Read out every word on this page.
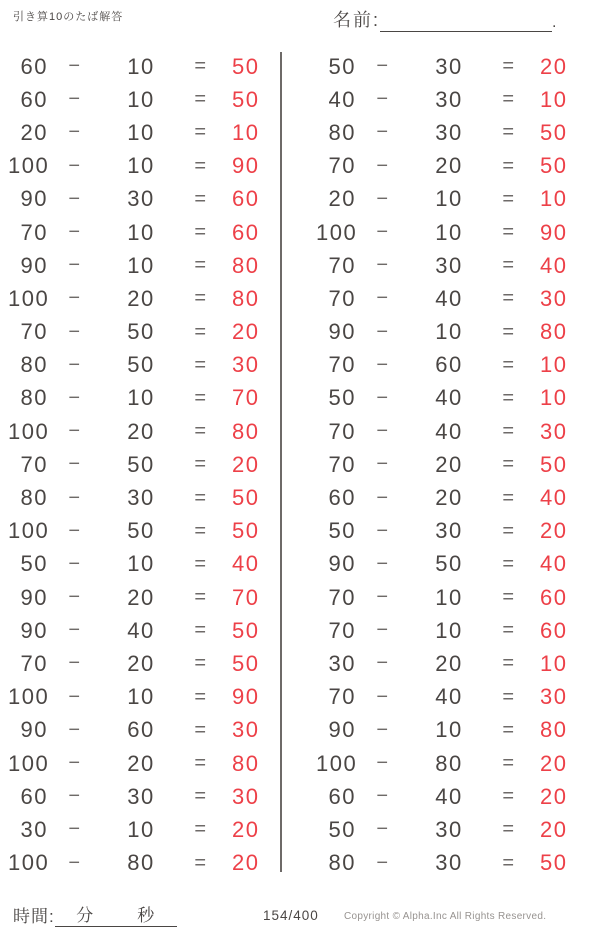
引き算10のたば解答	名前:	.
60	−	10	=	50
60	−	10	=	50
20	−	10	=	10
100 −	10	=	90
90	−	30	=	60
70	−	10	=	60
90	−	10	=	80
100 −	20	=	80
70	−	50	=	20
80	−	50	=	30
80	−	10	=	70
100 −	20	=	80
70	−	50	=	20
80	−	30	=	50
100 −	50	=	50
50	−	10	=	40
90	−	20	=	70
90	−	40	=	50
70	−	20	=	50
100 −	10	=	90
90	−	60	=	30
100 −	20	=	80
60	−	30	=	30
30	−	10	=	20
100 −	80	=	20
50	−	30	=	20
40	−	30	=	10
80	−	30	=	50
70	−	20	=	50
20	−	10	=	10
100 −	10	=	90
70	−	30	=	40
70	−	40	=	30
90	−	10	=	80
70	−	60	=	10
50	−	40	=	10
70	−	40	=	30
70	−	20	=	50
60	−	20	=	40
50	−	30	=	20
90	−	50	=	40
70	−	10	=	60
70	−	10	=	60
30	−	20	=	10
70	−	40	=	30
90	−	10	=	80
100 −	80	=	20
60	−	40	=	20
50	−	30	=	20
80	−	30	=	50
時間: 分	秒	154/400	Copyright © Alpha.Inc All Rights Reserved.
